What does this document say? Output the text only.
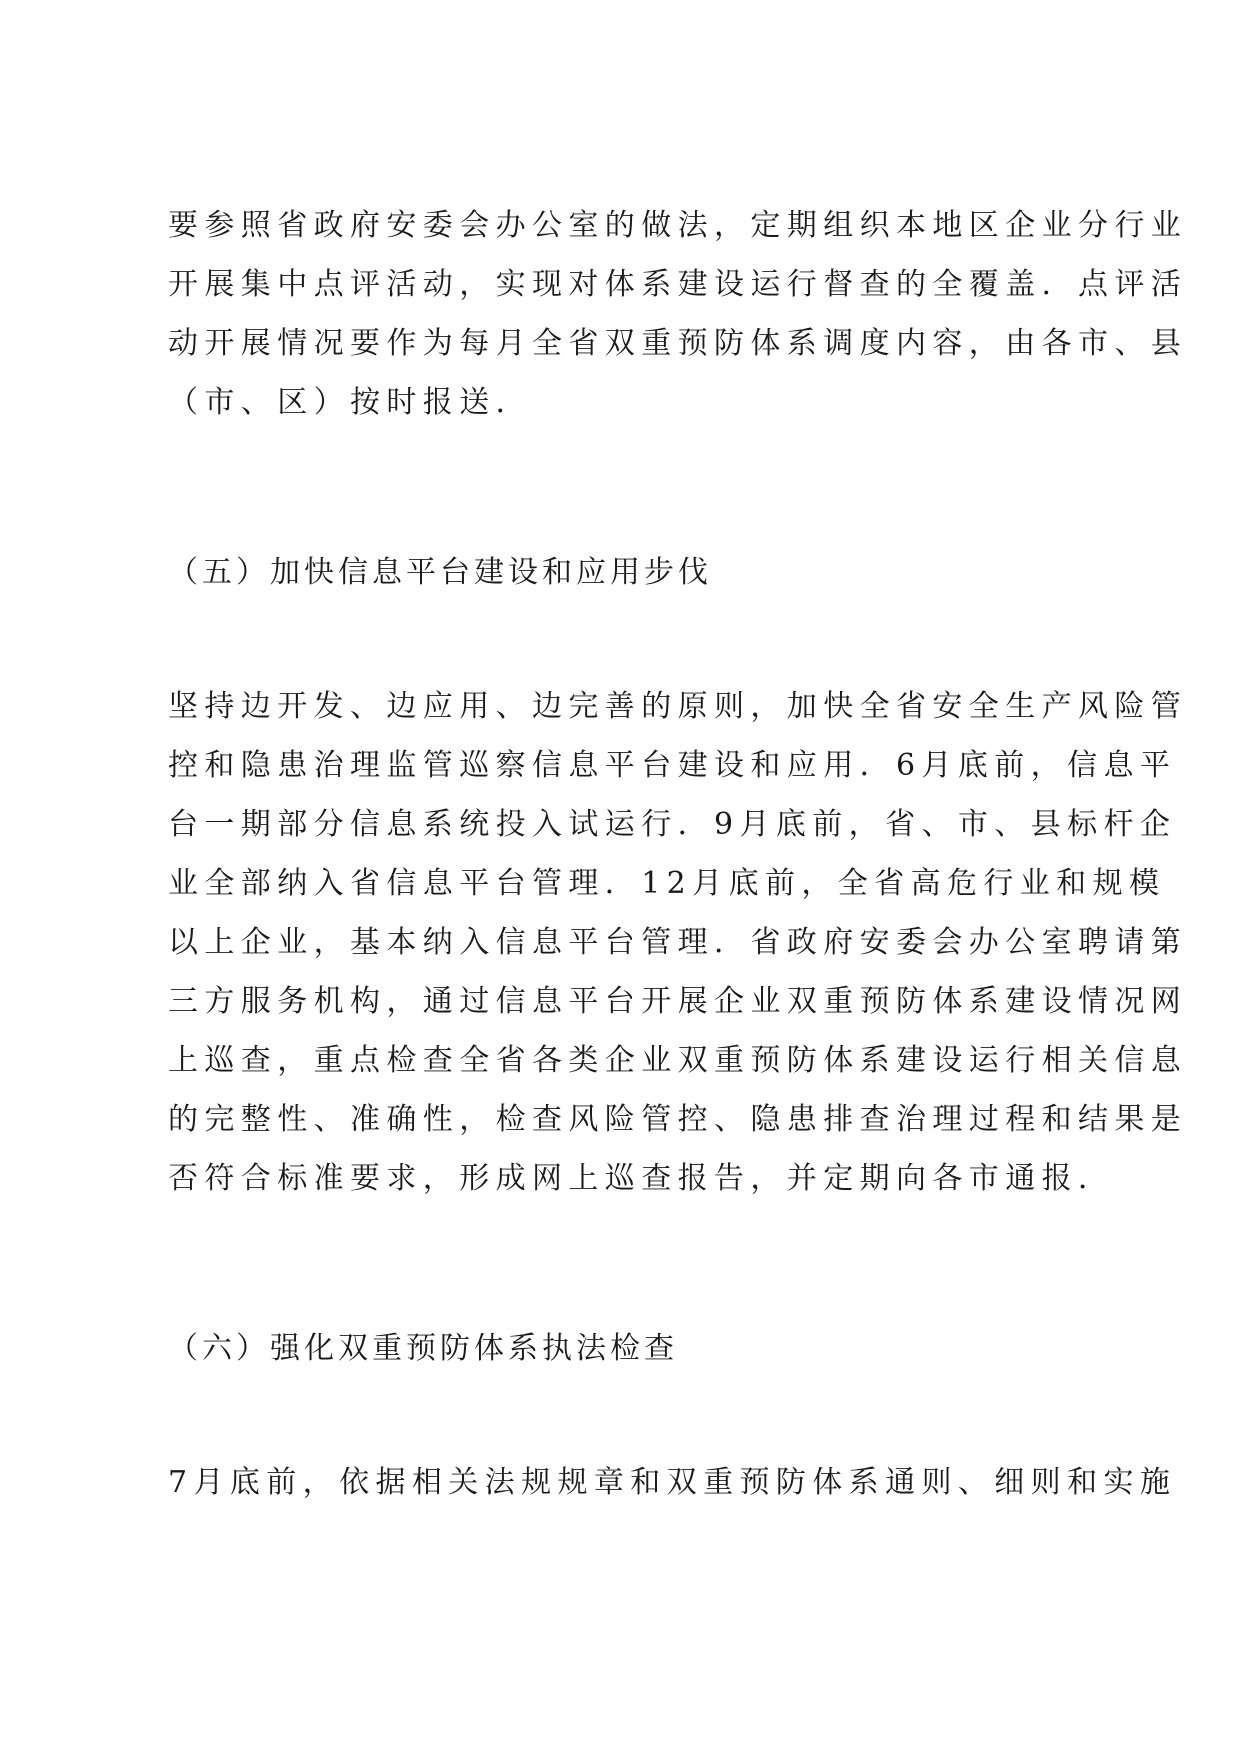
要参照省政府安委会办公室的做法，定期组织本地区企业分行业
开展集中点评活动，实现对体系建设运行督查的全覆盖．点评活
动开展情况要作为每月全省双重预防体系调度内容，由各市、县
（市、区）按时报送．
（五）加快信息平台建设和应用步伐
坚持边开发、边应用、边完善的原则，加快全省安全生产风险管
控和隐患治理监管巡察信息平台建设和应用．6月底前，信息平
台一期部分信息系统投入试运行．9月底前，省、市、县标杆企
业全部纳入省信息平台管理．12月底前，全省高危行业和规模
以上企业，基本纳入信息平台管理．省政府安委会办公室聘请第
三方服务机构，通过信息平台开展企业双重预防体系建设情况网
上巡查，重点检查全省各类企业双重预防体系建设运行相关信息
的完整性、准确性，检查风险管控、隐患排查治理过程和结果是
否符合标准要求，形成网上巡查报告，并定期向各市通报．
（六）强化双重预防体系执法检查
7月底前，依据相关法规规章和双重预防体系通则、细则和实施
